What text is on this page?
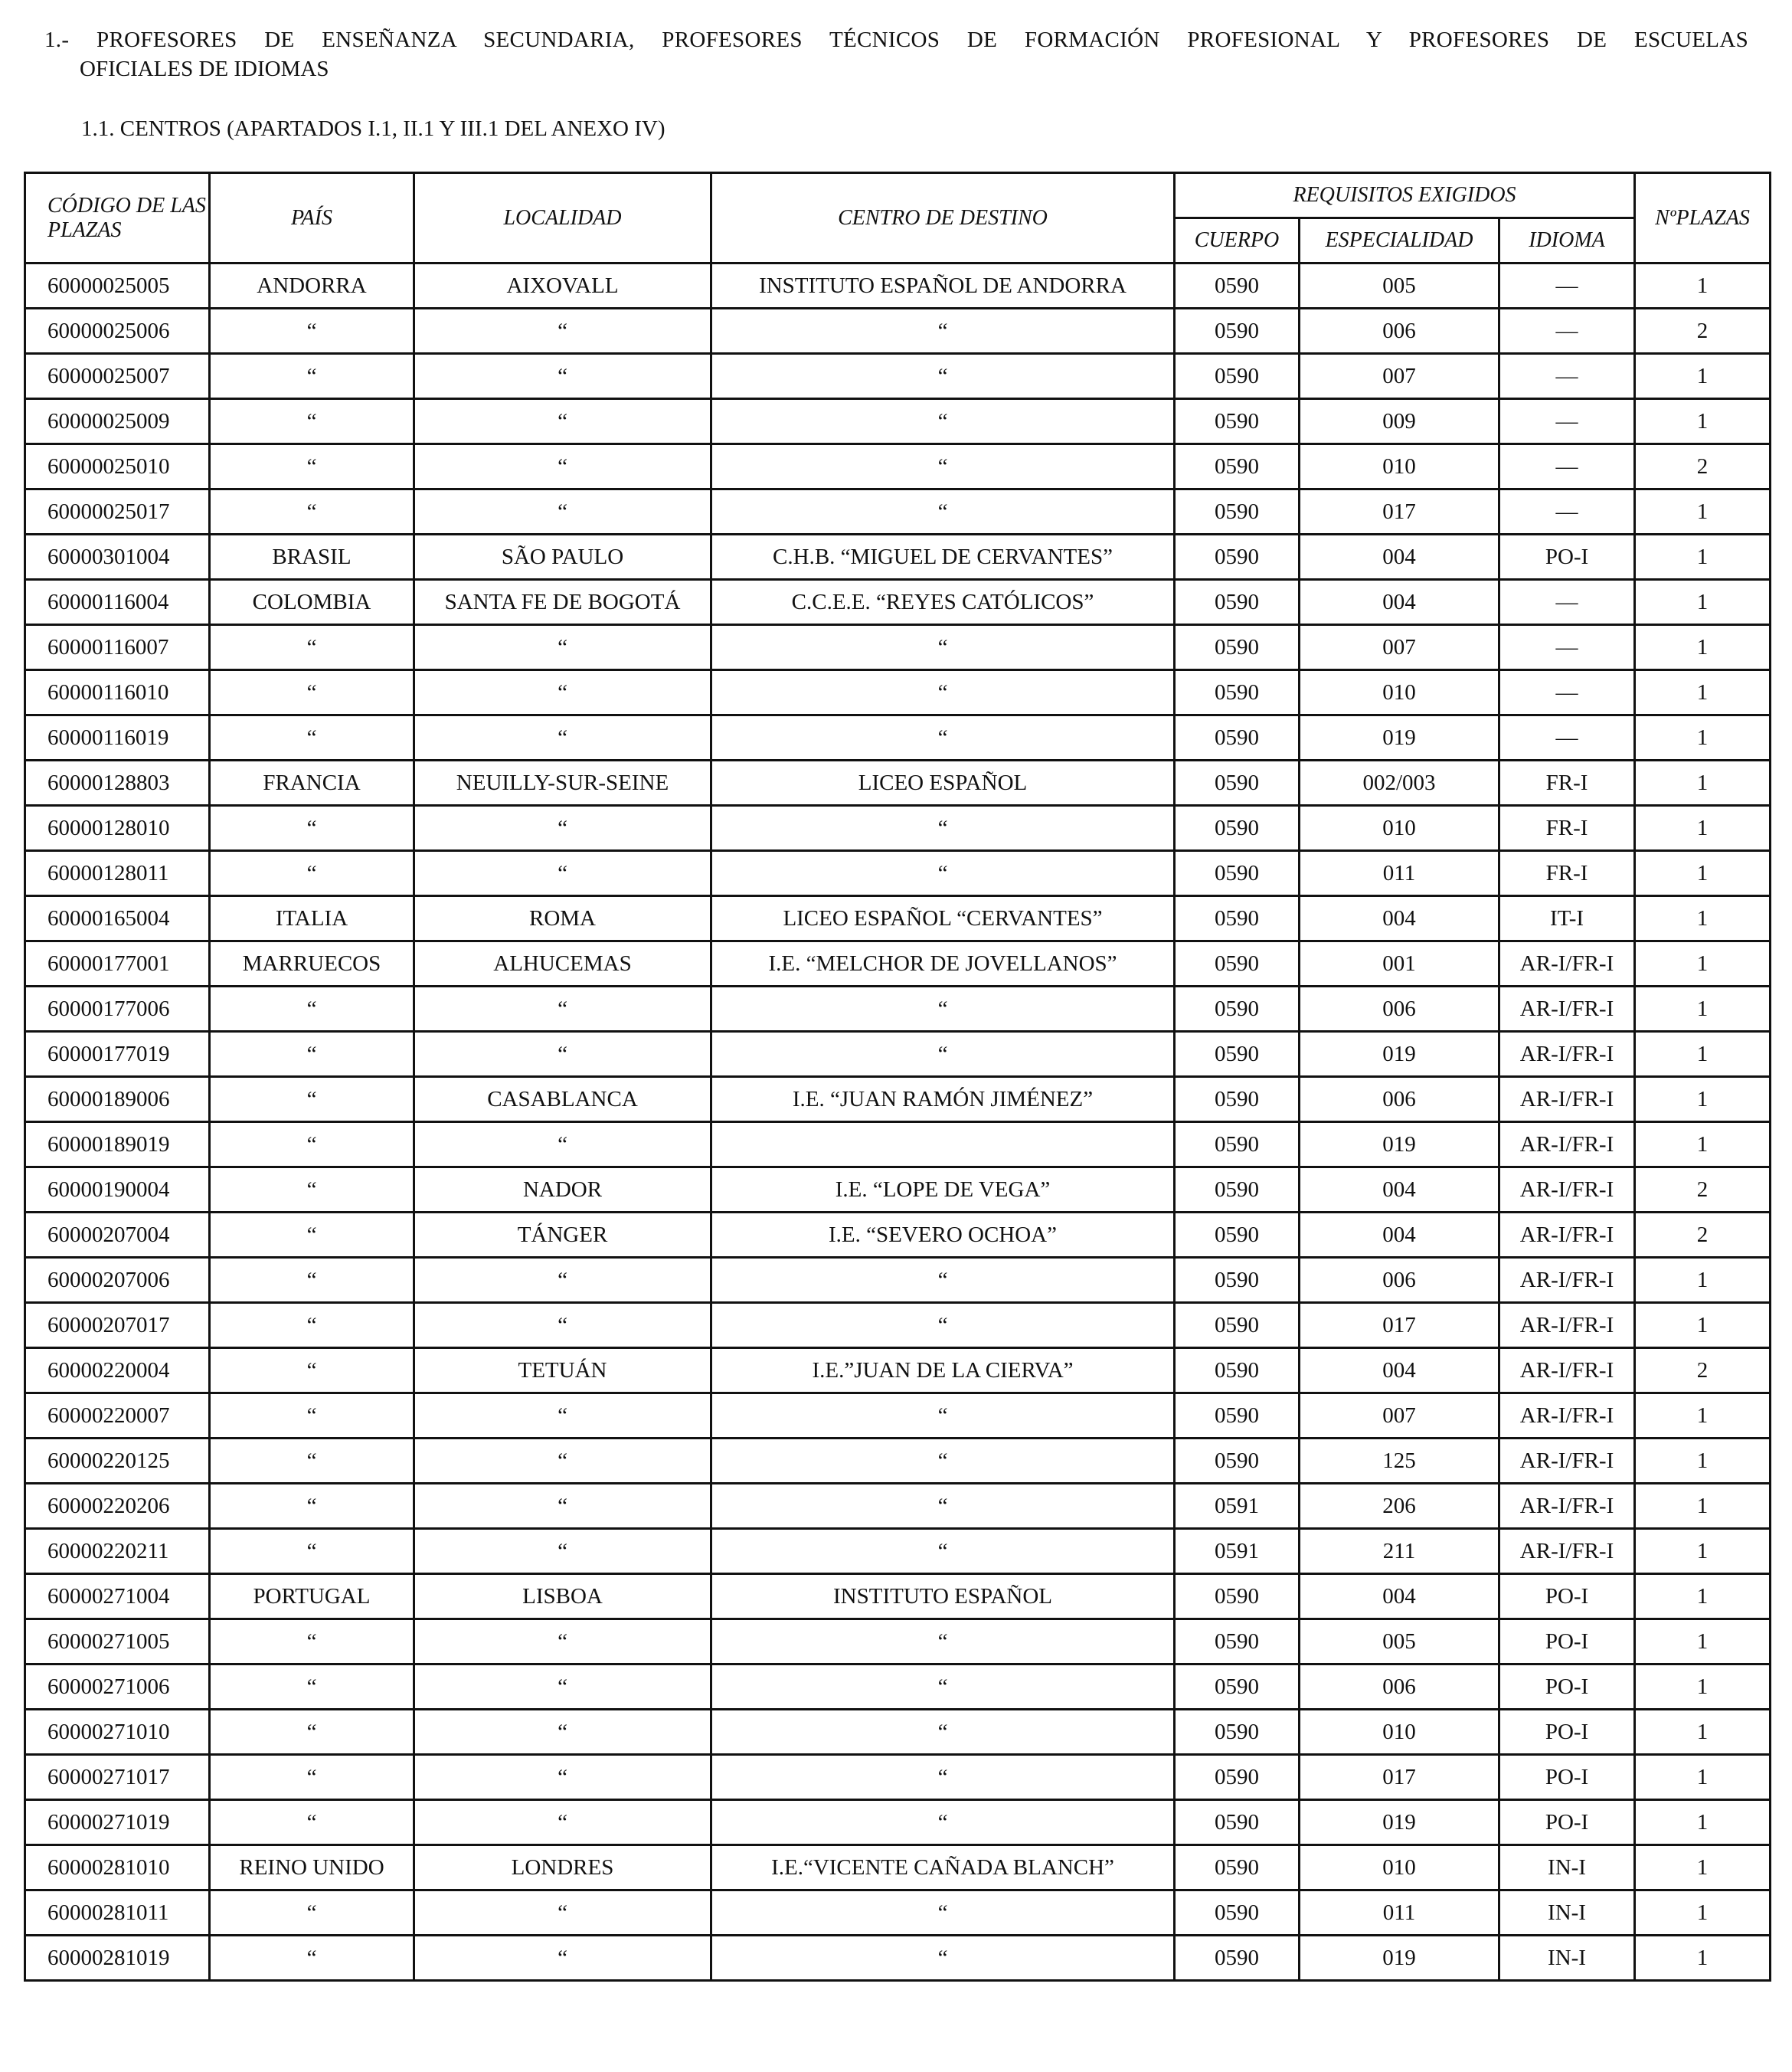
1.- PROFESORES DE ENSEÑANZA SECUNDARIA, PROFESORES TÉCNICOS DE FORMACIÓN PROFESIONAL Y PROFESORES DE ESCUELAS
OFICIALES DE IDIOMAS
1.1. CENTROS (APARTADOS I.1, II.1 Y III.1 DEL ANEXO IV)
CÓDIGO DE LAS PLAZAS	PAÍS	LOCALIDAD	CENTRO DE DESTINO	REQUISITOS EXIGIDOS			NºPLAZAS
				CUERPO	ESPECIALIDAD	IDIOMA	
60000025005	ANDORRA	AIXOVALL	INSTITUTO ESPAÑOL DE ANDORRA	0590	005	—	1
60000025006	“	“	“	0590	006	—	2
60000025007	“	“	“	0590	007	—	1
60000025009	“	“	“	0590	009	—	1
60000025010	“	“	“	0590	010	—	2
60000025017	“	“	“	0590	017	—	1
60000301004	BRASIL	SÃO PAULO	C.H.B. “MIGUEL DE CERVANTES”	0590	004	PO-I	1
60000116004	COLOMBIA	SANTA FE DE BOGOTÁ	C.C.E.E. “REYES CATÓLICOS”	0590	004	—	1
60000116007	“	“	“	0590	007	—	1
60000116010	“	“	“	0590	010	—	1
60000116019	“	“	“	0590	019	—	1
60000128803	FRANCIA	NEUILLY-SUR-SEINE	LICEO ESPAÑOL	0590	002/003	FR-I	1
60000128010	“	“	“	0590	010	FR-I	1
60000128011	“	“	“	0590	011	FR-I	1
60000165004	ITALIA	ROMA	LICEO ESPAÑOL “CERVANTES”	0590	004	IT-I	1
60000177001	MARRUECOS	ALHUCEMAS	I.E. “MELCHOR DE JOVELLANOS”	0590	001	AR-I/FR-I	1
60000177006	“	“	“	0590	006	AR-I/FR-I	1
60000177019	“	“	“	0590	019	AR-I/FR-I	1
60000189006	“	CASABLANCA	I.E. “JUAN RAMÓN JIMÉNEZ”	0590	006	AR-I/FR-I	1
60000189019	“	“		0590	019	AR-I/FR-I	1
60000190004	“	NADOR	I.E. “LOPE DE VEGA”	0590	004	AR-I/FR-I	2
60000207004	“	TÁNGER	I.E. “SEVERO OCHOA”	0590	004	AR-I/FR-I	2
60000207006	“	“	“	0590	006	AR-I/FR-I	1
60000207017	“	“	“	0590	017	AR-I/FR-I	1
60000220004	“	TETUÁN	I.E.”JUAN DE LA CIERVA”	0590	004	AR-I/FR-I	2
60000220007	“	“	“	0590	007	AR-I/FR-I	1
60000220125	“	“	“	0590	125	AR-I/FR-I	1
60000220206	“	“	“	0591	206	AR-I/FR-I	1
60000220211	“	“	“	0591	211	AR-I/FR-I	1
60000271004	PORTUGAL	LISBOA	INSTITUTO ESPAÑOL	0590	004	PO-I	1
60000271005	“	“	“	0590	005	PO-I	1
60000271006	“	“	“	0590	006	PO-I	1
60000271010	“	“	“	0590	010	PO-I	1
60000271017	“	“	“	0590	017	PO-I	1
60000271019	“	“	“	0590	019	PO-I	1
60000281010	REINO UNIDO	LONDRES	I.E.“VICENTE CAÑADA BLANCH”	0590	010	IN-I	1
60000281011	“	“	“	0590	011	IN-I	1
60000281019	“	“	“	0590	019	IN-I	1
